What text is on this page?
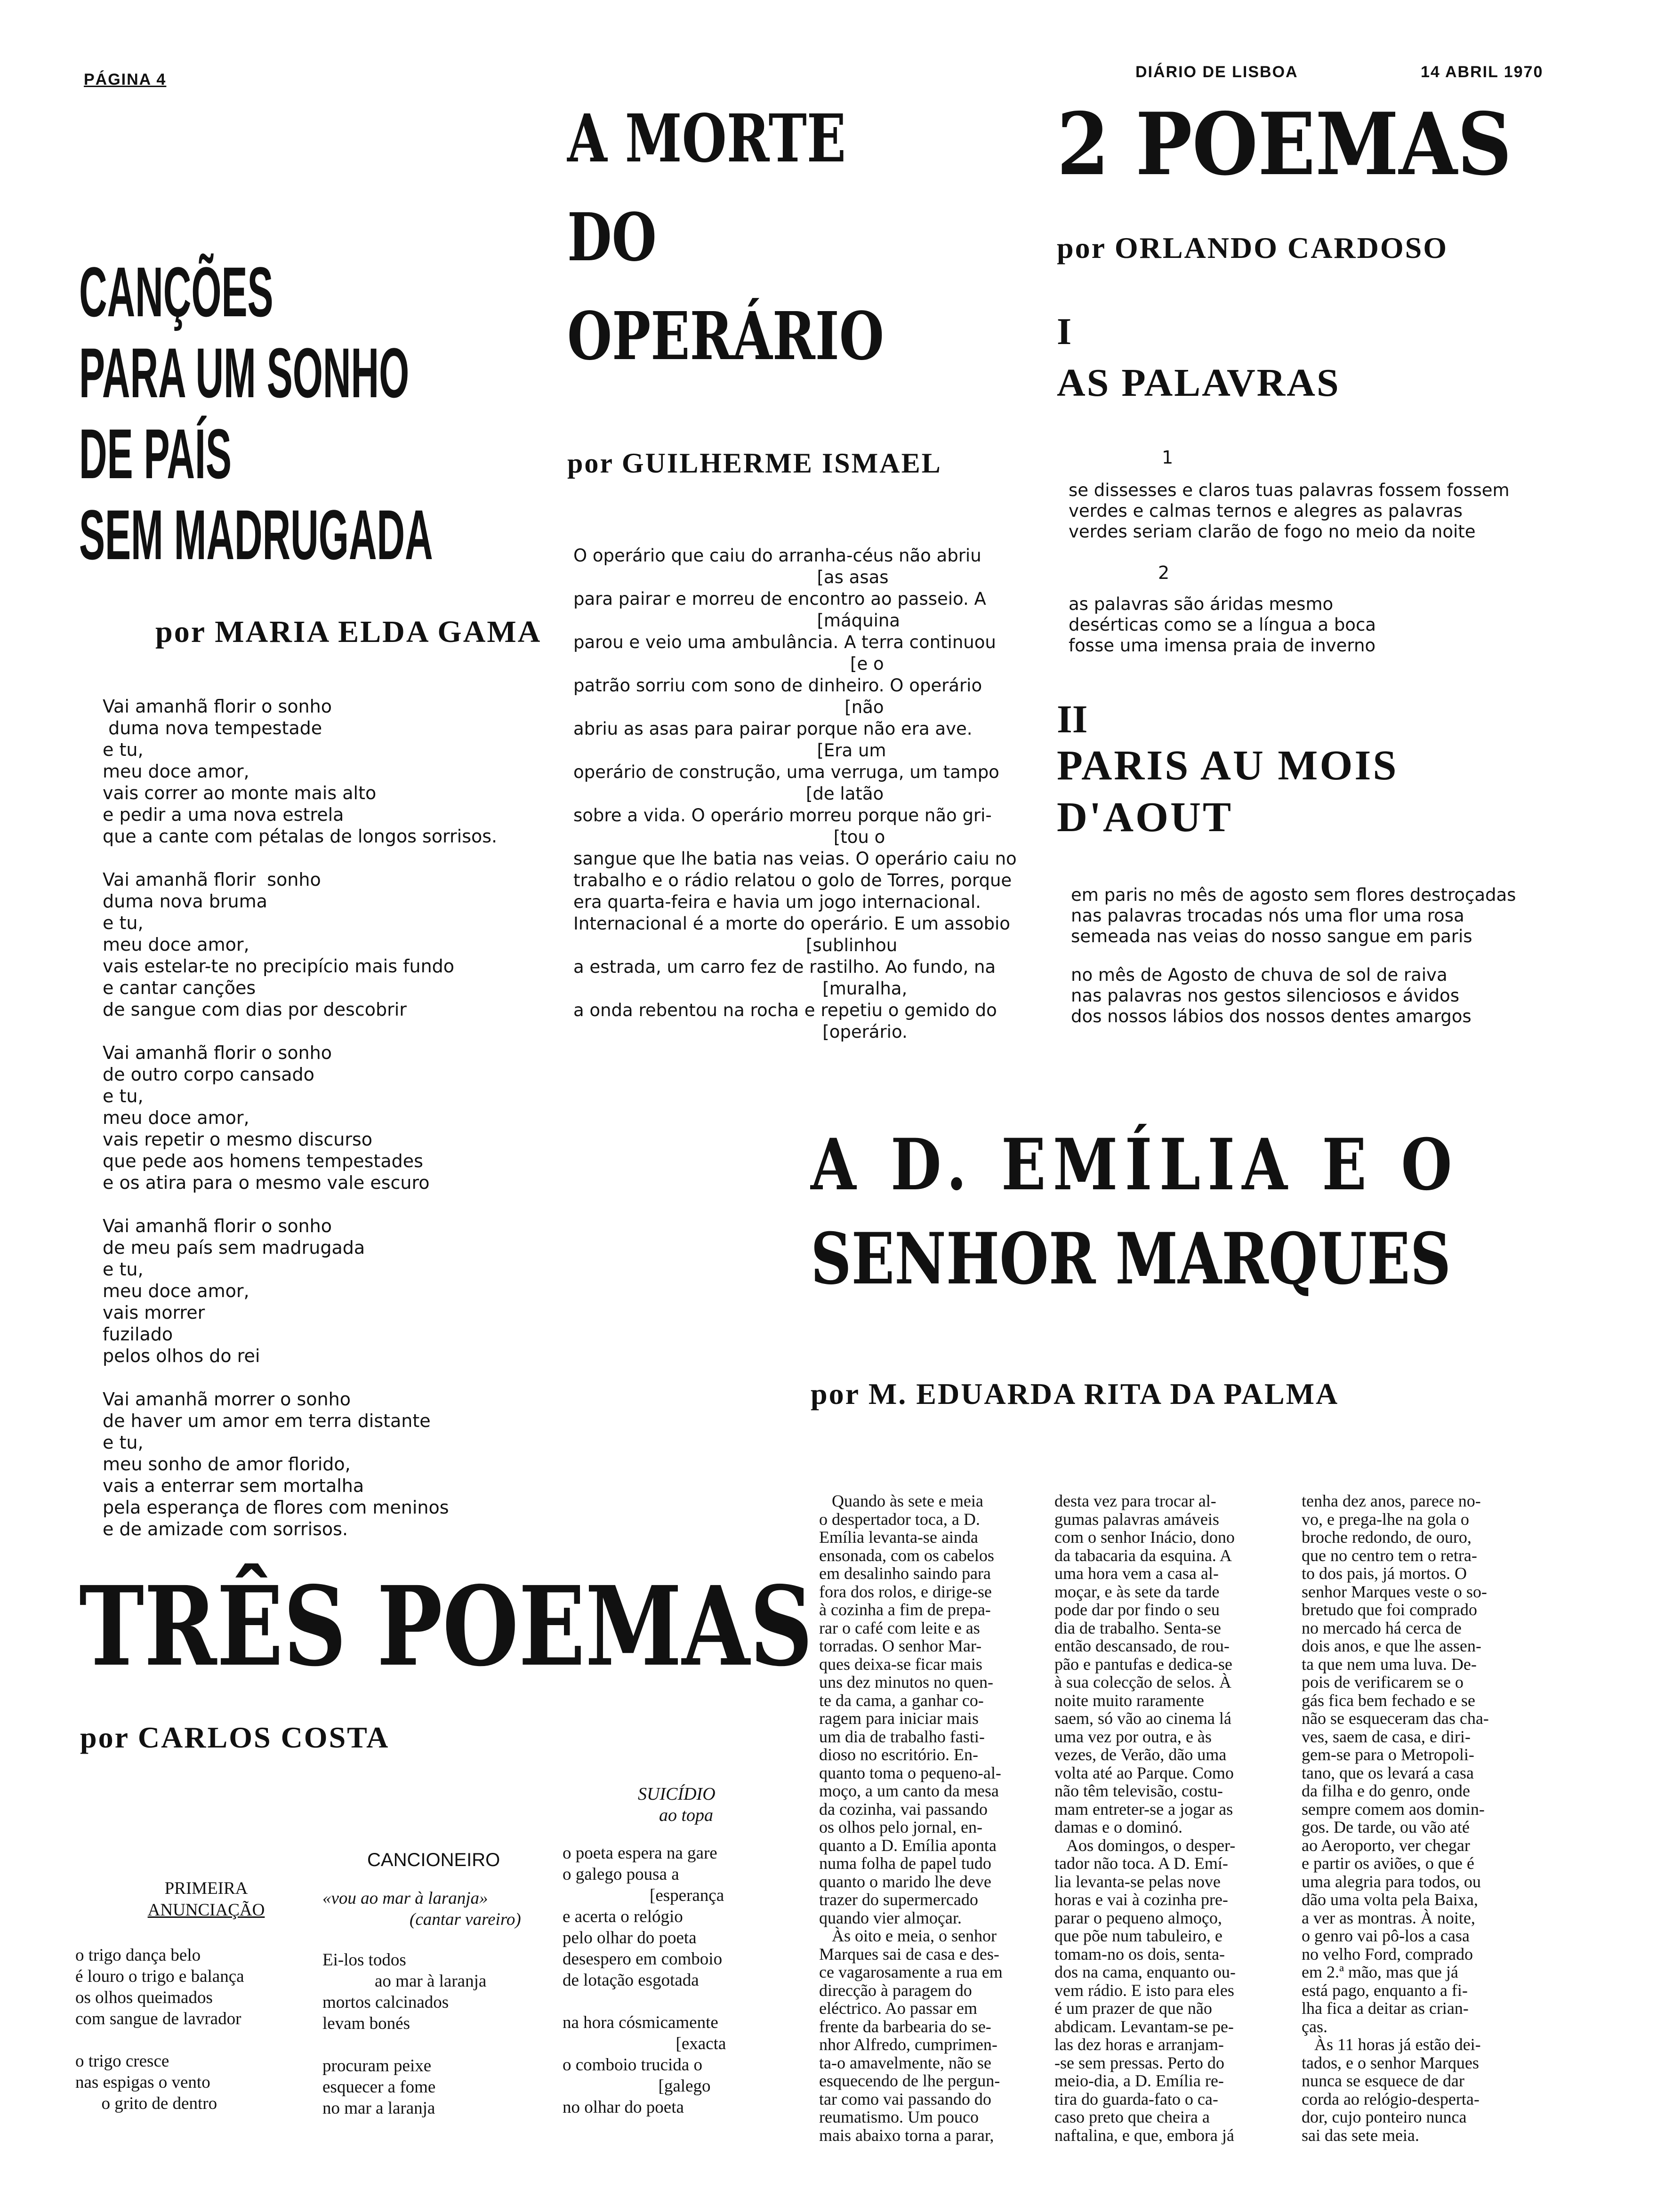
PÁGINA 4	DIÁRIO DE LISBOA	14 ABRIL 1970
CANÇÕES
PARA UM SONHO
DE PAÍS
SEM MADRUGADA
por MARIA ELDA GAMA
Vai amanhã florir o sonho
duma nova tempestade
e tu,
meu doce amor,
vais correr ao monte mais alto
e pedir a uma nova estrela
que a cante com pétalas de longos sorrisos.

Vai amanhã florir  sonho
duma nova bruma
e tu,
meu doce amor,
vais estelar-te no precipício mais fundo
e cantar canções
de sangue com dias por descobrir

Vai amanhã florir o sonho
de outro corpo cansado
e tu,
meu doce amor,
vais repetir o mesmo discurso
que pede aos homens tempestades
e os atira para o mesmo vale escuro

Vai amanhã florir o sonho
de meu país sem madrugada
e tu,
meu doce amor,
vais morrer
fuzilado
pelos olhos do rei

Vai amanhã morrer o sonho
de haver um amor em terra distante
e tu,
meu sonho de amor florido,
vais a enterrar sem mortalha
pela esperança de flores com meninos
e de amizade com sorrisos.
A MORTE
DO
OPERÁRIO
por GUILHERME ISMAEL
O operário que caiu do arranha-céus não abriu
[as asas
para pairar e morreu de encontro ao passeio. A
[máquina
parou e veio uma ambulância. A terra continuou
[e o
patrão sorriu com sono de dinheiro. O operário
[não
abriu as asas para pairar porque não era ave.
[Era um
operário de construção, uma verruga, um tampo
[de latão
sobre a vida. O operário morreu porque não gri-
[tou o
sangue que lhe batia nas veias. O operário caiu no
trabalho e o rádio relatou o golo de Torres, porque
era quarta-feira e havia um jogo internacional.
Internacional é a morte do operário. E um assobio
[sublinhou
a estrada, um carro fez de rastilho. Ao fundo, na
[muralha,
a onda rebentou na rocha e repetiu o gemido do
[operário.
2 POEMAS
por ORLANDO CARDOSO
I
AS PALAVRAS
1
se dissesses e claros tuas palavras fossem fossem
verdes e calmas ternos e alegres as palavras
verdes seriam clarão de fogo no meio da noite
2
as palavras são áridas mesmo
desérticas como se a língua a boca
fosse uma imensa praia de inverno
II
PARIS AU MOIS
D'AOUT
em paris no mês de agosto sem flores destroçadas
nas palavras trocadas nós uma flor uma rosa
semeada nas veias do nosso sangue em paris
no mês de Agosto de chuva de sol de raiva
nas palavras nos gestos silenciosos e ávidos
dos nossos lábios dos nossos dentes amargos
A D. EMÍLIA E O
SENHOR MARQUES
por M. EDUARDA RITA DA PALMA
Quando às sete e meia
o despertador toca, a D.
Emília levanta-se ainda
ensonada, com os cabelos
em desalinho saindo para
fora dos rolos, e dirige-se
à cozinha a fim de prepa-
rar o café com leite e as
torradas. O senhor Mar-
ques deixa-se ficar mais
uns dez minutos no quen-
te da cama, a ganhar co-
ragem para iniciar mais
um dia de trabalho fasti-
dioso no escritório. En-
quanto toma o pequeno-al-
moço, a um canto da mesa
da cozinha, vai passando
os olhos pelo jornal, en-
quanto a D. Emília aponta
numa folha de papel tudo
quanto o marido lhe deve
trazer do supermercado
quando vier almoçar.
Às oito e meia, o senhor
Marques sai de casa e des-
ce vagarosamente a rua em
direcção à paragem do
eléctrico. Ao passar em
frente da barbearia do se-
nhor Alfredo, cumprimen-
ta-o amavelmente, não se
esquecendo de lhe pergun-
tar como vai passando do
reumatismo. Um pouco
mais abaixo torna a parar,
desta vez para trocar al-
gumas palavras amáveis
com o senhor Inácio, dono
da tabacaria da esquina. A
uma hora vem a casa al-
moçar, e às sete da tarde
pode dar por findo o seu
dia de trabalho. Senta-se
então descansado, de rou-
pão e pantufas e dedica-se
à sua colecção de selos. À
noite muito raramente
saem, só vão ao cinema lá
uma vez por outra, e às
vezes, de Verão, dão uma
volta até ao Parque. Como
não têm televisão, costu-
mam entreter-se a jogar as
damas e o dominó.
Aos domingos, o desper-
tador não toca. A D. Emí-
lia levanta-se pelas nove
horas e vai à cozinha pre-
parar o pequeno almoço,
que põe num tabuleiro, e
tomam-no os dois, senta-
dos na cama, enquanto ou-
vem rádio. E isto para eles
é um prazer de que não
abdicam. Levantam-se pe-
las dez horas e arranjam-
-se sem pressas. Perto do
meio-dia, a D. Emília re-
tira do guarda-fato o ca-
caso preto que cheira a
naftalina, e que, embora já
tenha dez anos, parece no-
vo, e prega-lhe na gola o
broche redondo, de ouro,
que no centro tem o retra-
to dos pais, já mortos. O
senhor Marques veste o so-
bretudo que foi comprado
no mercado há cerca de
dois anos, e que lhe assen-
ta que nem uma luva. De-
pois de verificarem se o
gás fica bem fechado e se
não se esqueceram das cha-
ves, saem de casa, e diri-
gem-se para o Metropoli-
tano, que os levará a casa
da filha e do genro, onde
sempre comem aos domin-
gos. De tarde, ou vão até
ao Aeroporto, ver chegar
e partir os aviões, o que é
uma alegria para todos, ou
dão uma volta pela Baixa,
a ver as montras. À noite,
o genro vai pô-los a casa
no velho Ford, comprado
em 2.ª mão, mas que já
está pago, enquanto a fi-
lha fica a deitar as crian-
ças.
Às 11 horas já estão dei-
tados, e o senhor Marques
nunca se esquece de dar
corda ao relógio-desperta-
dor, cujo ponteiro nunca
sai das sete meia.
TRÊS POEMAS
por CARLOS COSTA
PRIMEIRA
ANUNCIAÇÃO
o trigo dança belo
é louro o trigo e balança
os olhos queimados
com sangue de lavrador

o trigo cresce
nas espigas o vento
o grito de dentro
CANCIONEIRO
«vou ao mar à laranja»
(cantar vareiro)
Ei-los todos
ao mar à laranja
mortos calcinados
levam bonés

procuram peixe
esquecer a fome
no mar a laranja
SUICÍDIO
ao topa
o poeta espera na gare
o galego pousa a
[esperança
e acerta o relógio
pelo olhar do poeta
desespero em comboio
de lotação esgotada

na hora cósmicamente
[exacta
o comboio trucida o
[galego
no olhar do poeta
